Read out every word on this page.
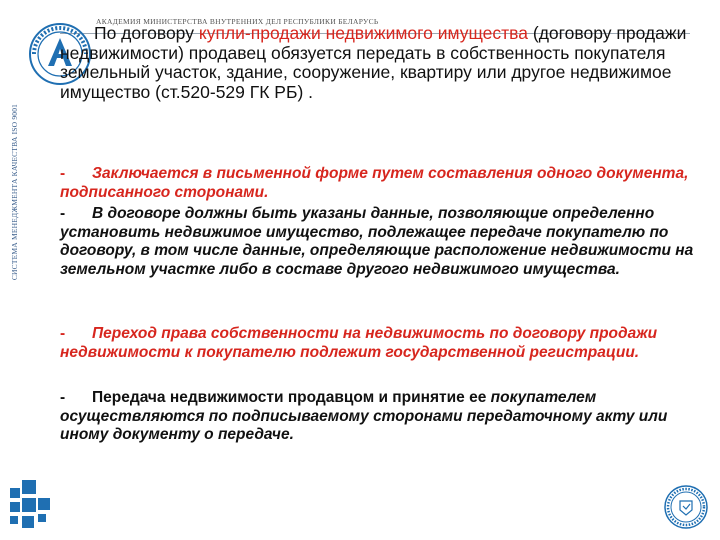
АКАДЕМИЯ МИНИСТЕРСТВА ВНУТРЕННИХ ДЕЛ РЕСПУБЛИКИ БЕЛАРУСЬ
СИСТЕМА МЕНЕДЖМЕНТА КАЧЕСТВА ISO 9001

По договору купли-продажи недвижимого имущества (договору продажи недвижимости) продавец обязуется передать в собственность покупателя земельный участок, здание, сооружение, квартиру или другое недвижимое имущество (ст.520-529 ГК РБ) .

- Заключается в письменной форме путем составления одного документа, подписанного сторонами.

- В договоре должны быть указаны данные, позволяющие определенно установить недвижимое имущество, подлежащее передаче покупателю по договору, в том числе данные, определяющие расположение недвижимости на земельном участке либо в составе другого недвижимого имущества.

- Переход права собственности на недвижимость по договору продажи недвижимости к покупателю подлежит государственной регистрации.

- Передача недвижимости продавцом и принятие ее покупателем осуществляются по подписываемому сторонами передаточному акту или иному документу о передаче.
